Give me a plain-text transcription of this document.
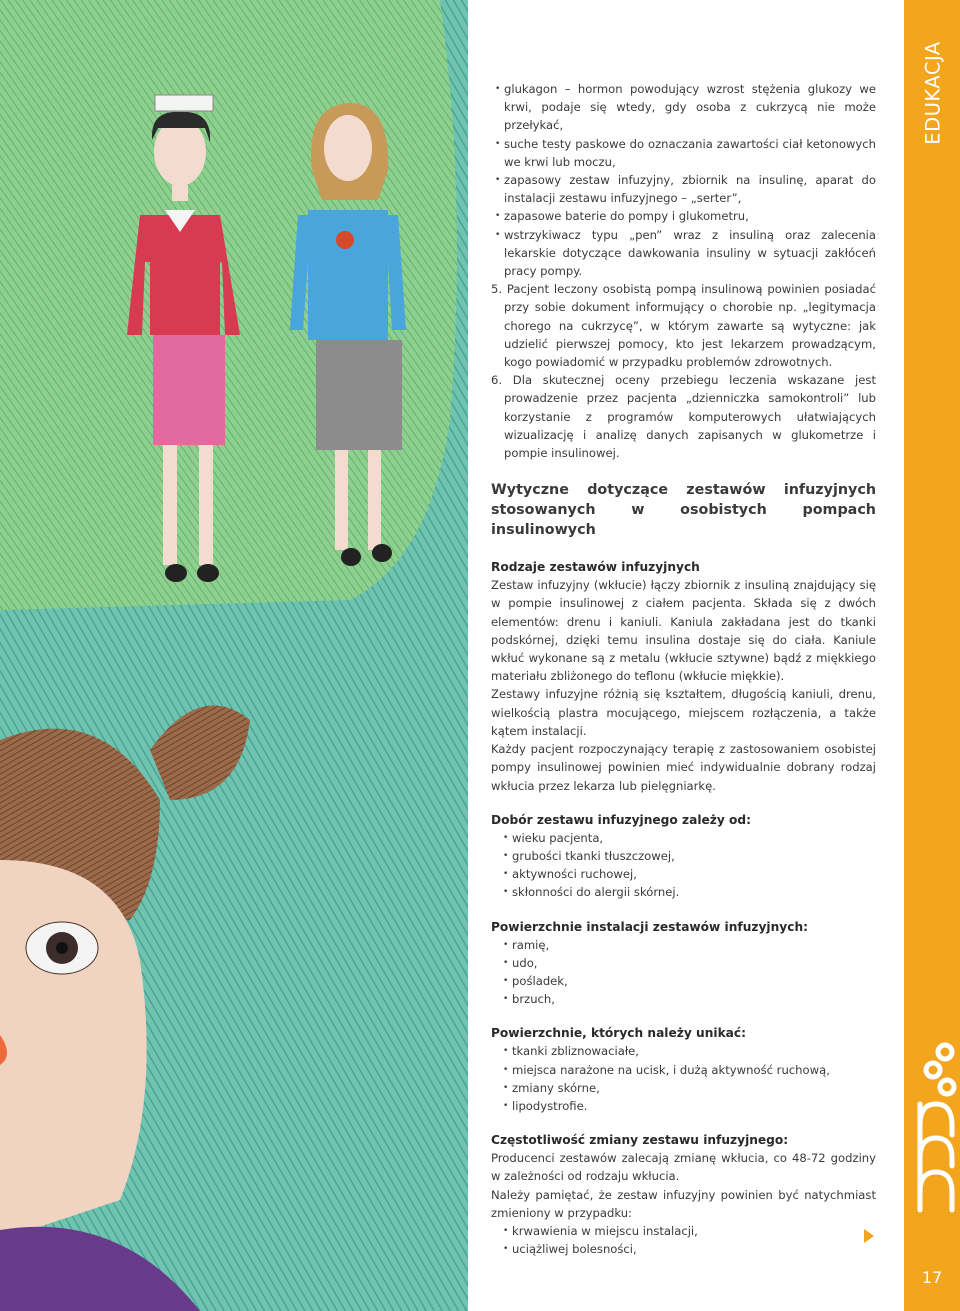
• glukagon – hormon powodujący wzrost stężenia glukozy we krwi, podaje się wtedy, gdy osoba z cukrzycą nie może przełykać,

• suche testy paskowe do oznaczania zawartości ciał ketonowych we krwi lub moczu,

• zapasowy zestaw infuzyjny, zbiornik na insulinę, aparat do instalacji zestawu infuzyjnego – „serter”,

• zapasowe baterie do pompy i glukometru,

• wstrzykiwacz typu „pen” wraz z insuliną oraz zalecenia lekarskie dotyczące dawkowania insuliny w sytuacji zakłóceń pracy pompy.

5. Pacjent leczony osobistą pompą insulinową powinien posiadać przy sobie dokument informujący o chorobie np. „legitymacja chorego na cukrzycę”, w którym zawarte są wytyczne: jak udzielić pierwszej pomocy, kto jest lekarzem prowadzącym, kogo powiadomić w przypadku problemów zdrowotnych.

6. Dla skutecznej oceny przebiegu leczenia wskazane jest prowadzenie przez pacjenta „dzienniczka samokontroli” lub korzystanie z programów komputerowych ułatwiających wizualizację i analizę danych zapisanych w glukometrze i pompie insulinowej.

Wytyczne dotyczące zestawów infuzyjnych stosowanych w osobistych pompach insulinowych
Rodzaje zestawów infuzyjnych

Zestaw infuzyjny (wkłucie) łączy zbiornik z insuliną znajdujący się w pompie insulinowej z ciałem pacjenta. Składa się z dwóch elementów: drenu i kaniuli. Kaniula zakładana jest do tkanki podskórnej, dzięki temu insulina dostaje się do ciała. Kaniule wkłuć wykonane są z metalu (wkłucie sztywne) bądź z miękkiego materiału zbliżonego do teflonu (wkłucie miękkie).

Zestawy infuzyjne różnią się kształtem, długością kaniuli, drenu, wielkością plastra mocującego, miejscem rozłączenia, a także kątem instalacji.

Każdy pacjent rozpoczynający terapię z zastosowaniem osobistej pompy insulinowej powinien mieć indywidualnie dobrany rodzaj wkłucia przez lekarza lub pielęgniarkę.

Dobór zestawu infuzyjnego zależy od:

• wieku pacjenta,

• grubości tkanki tłuszczowej,

• aktywności ruchowej,

• skłonności do alergii skórnej.

Powierzchnie instalacji zestawów infuzyjnych:

• ramię,

• udo,

• pośladek,

• brzuch,

Powierzchnie, których należy unikać:

• tkanki zbliznowaciałe,

• miejsca narażone na ucisk, i dużą aktywność ruchową,

• zmiany skórne,

• lipodystrofie.

Częstotliwość zmiany zestawu infuzyjnego:

Producenci zestawów zalecają zmianę wkłucia, co 48-72 godziny w zależności od rodzaju wkłucia.

Należy pamiętać, że zestaw infuzyjny powinien być natychmiast zmieniony w przypadku:

• krwawienia w miejscu instalacji,

• uciążliwej bolesności,

EDUKACJA
17
